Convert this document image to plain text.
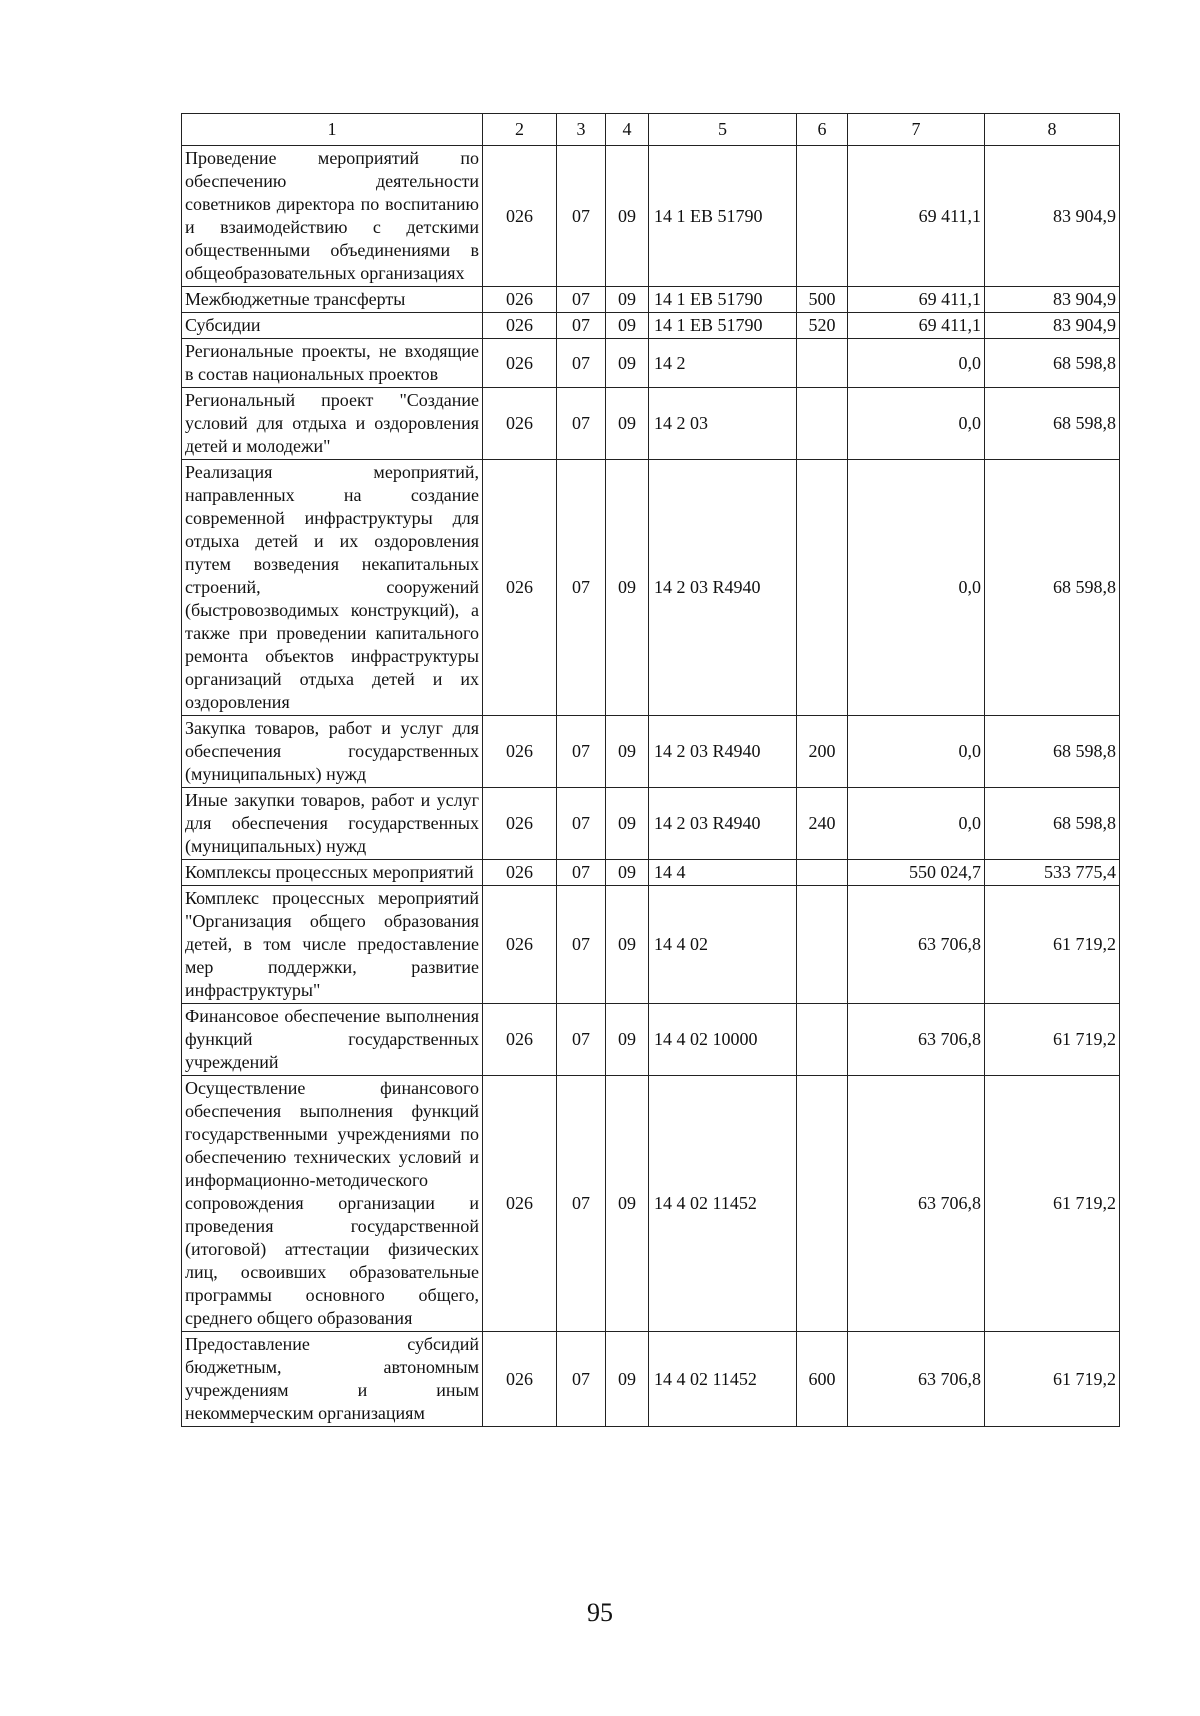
1	2	3	4	5	6	7	8
Проведение мероприятий по обеспечению деятельности советников директора по воспитанию и взаимодействию с детскими общественными объединениями в общеобразовательных организациях	026	07	09	14 1 ЕВ 51790		69 411,1	83 904,9
Межбюджетные трансферты	026	07	09	14 1 ЕВ 51790	500	69 411,1	83 904,9
Субсидии	026	07	09	14 1 ЕВ 51790	520	69 411,1	83 904,9
Региональные проекты, не входящие в состав национальных проектов	026	07	09	14 2		0,0	68 598,8
Региональный проект "Создание условий для отдыха и оздоровления детей и молодежи"	026	07	09	14 2 03		0,0	68 598,8
Реализация мероприятий, направленных на создание современной инфраструктуры для отдыха детей и их оздоровления путем возведения некапитальных строений, сооружений (быстровозводимых конструкций), а также при проведении капитального ремонта объектов инфраструктуры организаций отдыха детей и их оздоровления	026	07	09	14 2 03 R4940		0,0	68 598,8
Закупка товаров, работ и услуг для обеспечения государственных (муниципальных) нужд	026	07	09	14 2 03 R4940	200	0,0	68 598,8
Иные закупки товаров, работ и услуг для обеспечения государственных (муниципальных) нужд	026	07	09	14 2 03 R4940	240	0,0	68 598,8
Комплексы процессных мероприятий	026	07	09	14 4		550 024,7	533 775,4
Комплекс процессных мероприятий "Организация общего образования детей, в том числе предоставление мер поддержки, развитие инфраструктуры"	026	07	09	14 4 02		63 706,8	61 719,2
Финансовое обеспечение выполнения функций государственных учреждений	026	07	09	14 4 02 10000		63 706,8	61 719,2
Осуществление финансового обеспечения выполнения функций государственными учреждениями по обеспечению технических условий и информационно-методического сопровождения организации и проведения государственной (итоговой) аттестации физических лиц, освоивших образовательные программы основного общего, среднего общего образования	026	07	09	14 4 02 11452		63 706,8	61 719,2
Предоставление субсидий бюджетным, автономным учреждениям и иным некоммерческим организациям	026	07	09	14 4 02 11452	600	63 706,8	61 719,2
95
